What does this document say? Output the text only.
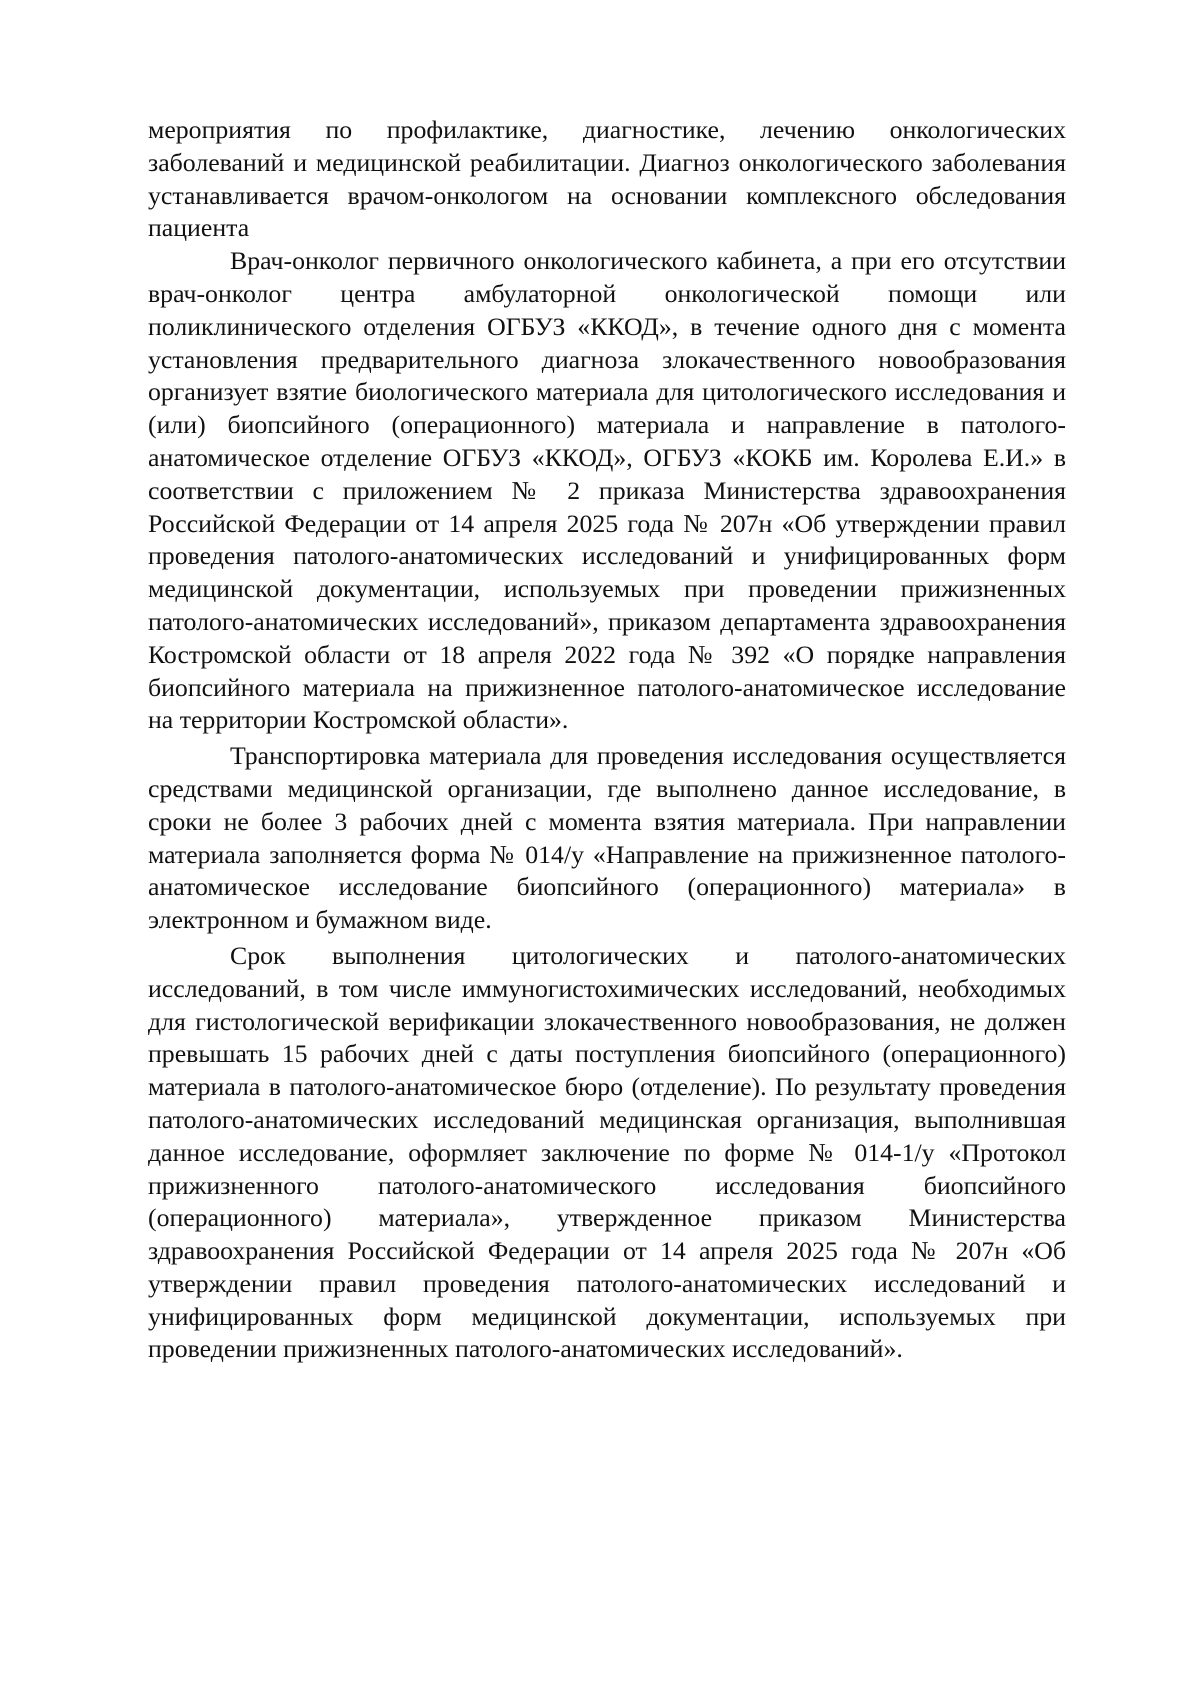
мероприятия по профилактике, диагностике, лечению онкологических заболеваний и медицинской реабилитации. Диагноз онкологического заболевания устанавливается врачом-онкологом на основании комплексного обследования пациента

Врач-онколог первичного онкологического кабинета, а при его отсутствии врач-онколог центра амбулаторной онкологической помощи или поликлинического отделения ОГБУЗ «ККОД», в течение одного дня с момента установления предварительного диагноза злокачественного новообразования организует взятие биологического материала для цитологического исследования и (или) биопсийного (операционного) материала и направление в патолого-анатомическое отделение ОГБУЗ «ККОД», ОГБУЗ «КОКБ им. Королева Е.И.» в соответствии с приложением № 2 приказа Министерства здравоохранения Российской Федерации от 14 апреля 2025 года № 207н «Об утверждении правил проведения патолого-анатомических исследований и унифицированных форм медицинской документации, используемых при проведении прижизненных патолого-анатомических исследований», приказом департамента здравоохранения Костромской области от 18 апреля 2022 года № 392 «О порядке направления биопсийного материала на прижизненное патолого-анатомическое исследование на территории Костромской области».

Транспортировка материала для проведения исследования осуществляется средствами медицинской организации, где выполнено данное исследование, в сроки не более 3 рабочих дней с момента взятия материала. При направлении материала заполняется форма № 014/у «Направление на прижизненное патолого-анатомическое исследование биопсийного (операционного) материала» в электронном и бумажном виде.

Срок выполнения цитологических и патолого-анатомических исследований, в том числе иммуногистохимических исследований, необходимых для гистологической верификации злокачественного новообразования, не должен превышать 15 рабочих дней с даты поступления биопсийного (операционного) материала в патолого-анатомическое бюро (отделение). По результату проведения патолого-анатомических исследований медицинская организация, выполнившая данное исследование, оформляет заключение по форме № 014-1/у «Протокол прижизненного патолого-анатомического исследования биопсийного (операционного) материала», утвержденное приказом Министерства здравоохранения Российской Федерации от 14 апреля 2025 года № 207н «Об утверждении правил проведения патолого-анатомических исследований и унифицированных форм медицинской документации, используемых при проведении прижизненных патолого-анатомических исследований».
